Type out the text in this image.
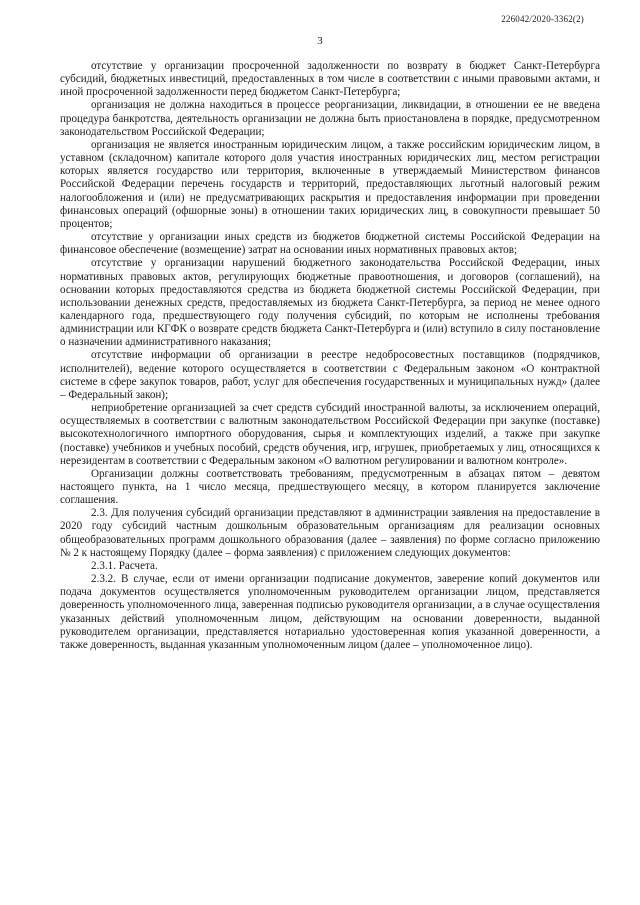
226042/2020-3362(2)
3

отсутствие у организации просроченной задолженности по возврату в бюджет Санкт-Петербурга субсидий, бюджетных инвестиций, предоставленных в том числе в соответствии с иными правовыми актами, и иной просроченной задолженности перед бюджетом Санкт-Петербурга;

организация не должна находиться в процессе реорганизации, ликвидации, в отношении ее не введена процедура банкротства, деятельность организации не должна быть приостановлена в порядке, предусмотренном законодательством Российской Федерации;

организация не является иностранным юридическим лицом, а также российским юридическим лицом, в уставном (складочном) капитале которого доля участия иностранных юридических лиц, местом регистрации которых является государство или территория, включенные в утверждаемый Министерством финансов Российской Федерации перечень государств и территорий, предоставляющих льготный налоговый режим налогообложения и (или) не предусматривающих раскрытия и предоставления информации при проведении финансовых операций (офшорные зоны) в отношении таких юридических лиц, в совокупности превышает 50 процентов;

отсутствие у организации иных средств из бюджетов бюджетной системы Российской Федерации на финансовое обеспечение (возмещение) затрат на основании иных нормативных правовых актов;

отсутствие у организации нарушений бюджетного законодательства Российской Федерации, иных нормативных правовых актов, регулирующих бюджетные правоотношения, и договоров (соглашений), на основании которых предоставляются средства из бюджета бюджетной системы Российской Федерации, при использовании денежных средств, предоставляемых из бюджета Санкт-Петербурга, за период не менее одного календарного года, предшествующего году получения субсидий, по которым не исполнены требования администрации или КГФК о возврате средств бюджета Санкт-Петербурга и (или) вступило в силу постановление о назначении административного наказания;

отсутствие информации об организации в реестре недобросовестных поставщиков (подрядчиков, исполнителей), ведение которого осуществляется в соответствии с Федеральным законом «О контрактной системе в сфере закупок товаров, работ, услуг для обеспечения государственных и муниципальных нужд» (далее – Федеральный закон);

неприобретение организацией за счет средств субсидий иностранной валюты, за исключением операций, осуществляемых в соответствии с валютным законодательством Российской Федерации при закупке (поставке) высокотехнологичного импортного оборудования, сырья и комплектующих изделий, а также при закупке (поставке) учебников и учебных пособий, средств обучения, игр, игрушек, приобретаемых у лиц, относящихся к нерезидентам в соответствии с Федеральным законом «О валютном регулировании и валютном контроле».

Организации должны соответствовать требованиям, предусмотренным в абзацах пятом – девятом настоящего пункта, на 1 число месяца, предшествующего месяцу, в котором планируется заключение соглашения.

2.3. Для получения субсидий организации представляют в администрации заявления на предоставление в 2020 году субсидий частным дошкольным образовательным организациям для реализации основных общеобразовательных программ дошкольного образования (далее – заявления) по форме согласно приложению № 2 к настоящему Порядку (далее – форма заявления) с приложением следующих документов:

2.3.1. Расчета.

2.3.2. В случае, если от имени организации подписание документов, заверение копий документов или подача документов осуществляется уполномоченным руководителем организации лицом, представляется доверенность уполномоченного лица, заверенная подписью руководителя организации, а в случае осуществления указанных действий уполномоченным лицом, действующим на основании доверенности, выданной руководителем организации, представляется нотариально удостоверенная копия указанной доверенности, а также доверенность, выданная указанным уполномоченным лицом (далее – уполномоченное лицо).
